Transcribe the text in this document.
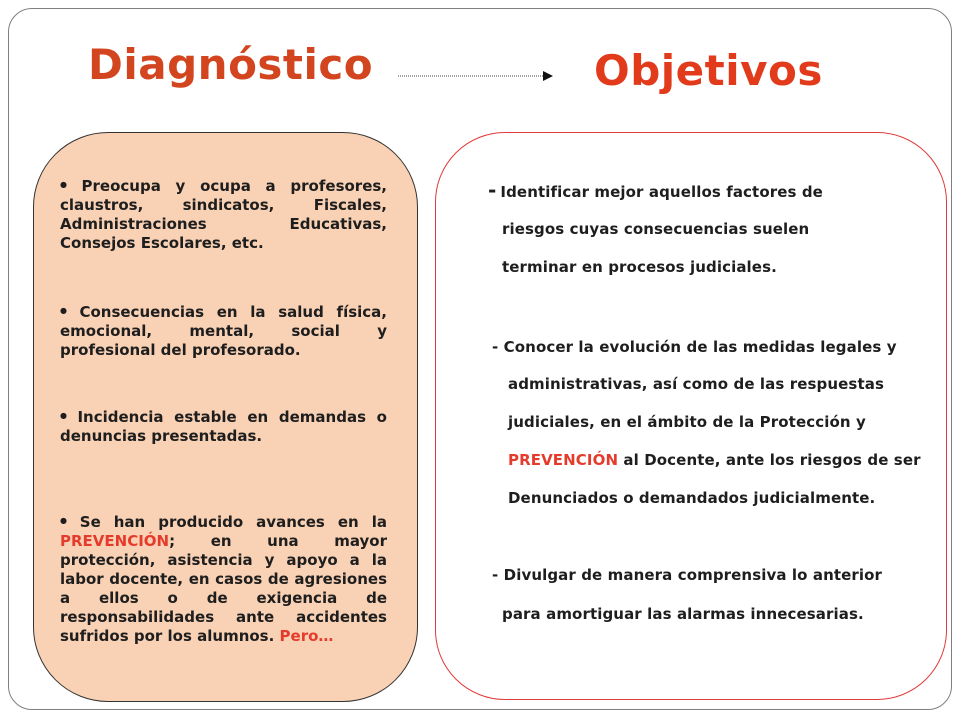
Diagnóstico	Objetivos
● Preocupa y ocupa a profesores, claustros, sindicatos, Fiscales, Administraciones Educativas, Consejos Escolares, etc.
● Consecuencias en la salud física, emocional, mental, social y profesional del profesorado.
● Incidencia estable en demandas o denuncias presentadas.
● Se han producido avances en la PREVENCIÓN; en una mayor protección, asistencia y apoyo a la labor docente, en casos de agresiones a ellos o de exigencia de responsabilidades ante accidentes sufridos por los alumnos. Pero…
- Identificar mejor aquellos factores de
riesgos cuyas consecuencias suelen
terminar en procesos judiciales.
- Conocer la evolución de las medidas legales y
administrativas, así como de las respuestas
judiciales, en el ámbito de la Protección y
PREVENCIÓN al Docente, ante los riesgos de ser
Denunciados o demandados judicialmente.
- Divulgar de manera comprensiva lo anterior
para amortiguar las alarmas innecesarias.
